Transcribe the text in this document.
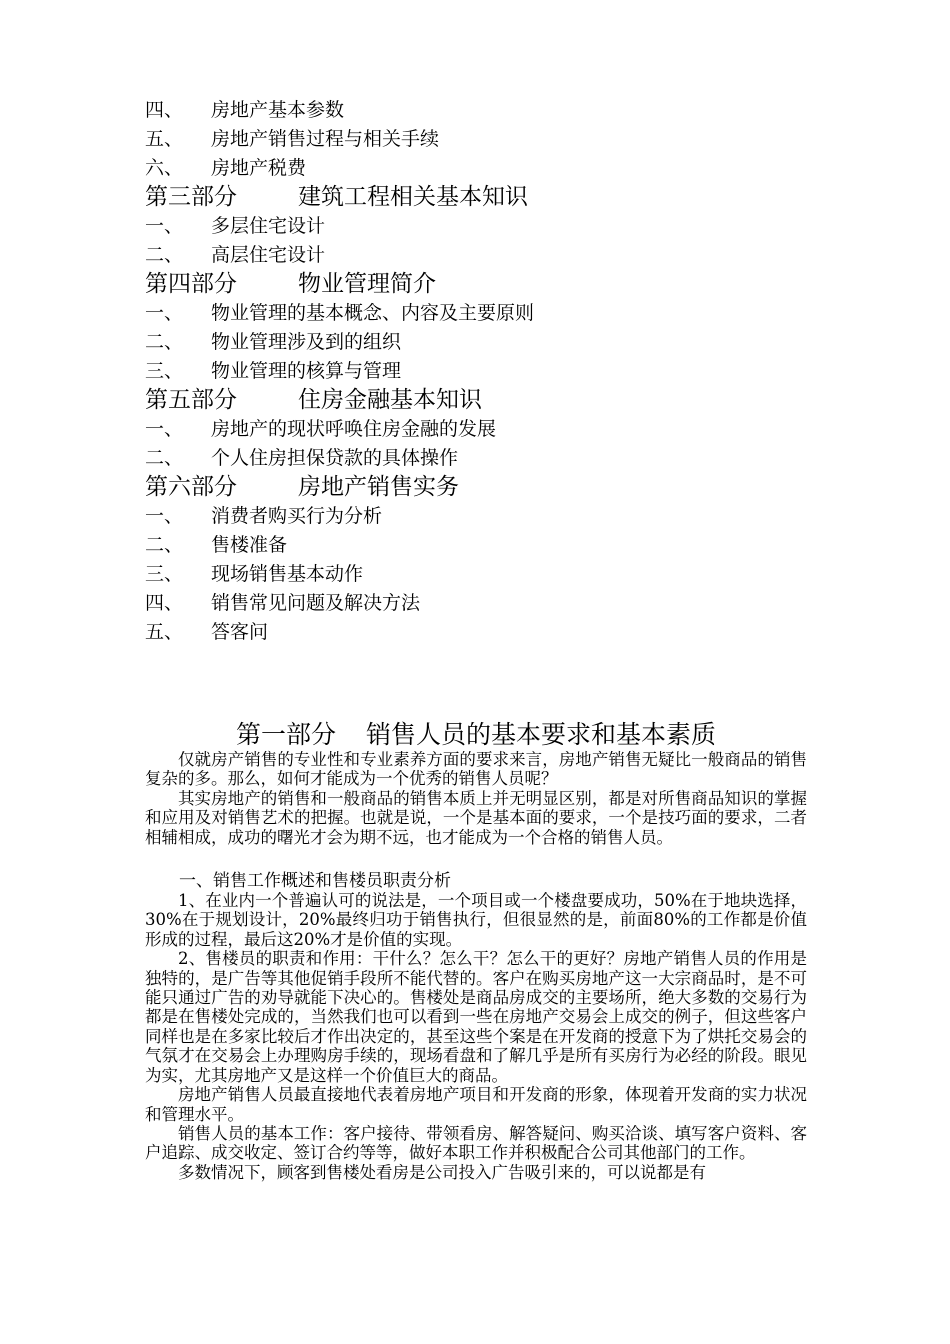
四、 房地产基本参数
五、 房地产销售过程与相关手续
六、 房地产税费
第三部分	建筑工程相关基本知识
一、 多层住宅设计
二、 高层住宅设计
第四部分	物业管理简介
一、 物业管理的基本概念、内容及主要原则
二、 物业管理涉及到的组织
三、 物业管理的核算与管理
第五部分	住房金融基本知识
一、 房地产的现状呼唤住房金融的发展
二、 个人住房担保贷款的具体操作
第六部分	房地产销售实务
一、 消费者购买行为分析
二、 售楼准备
三、 现场销售基本动作
四、 销售常见问题及解决方法
五、 答客问
第一部分 销售人员的基本要求和基本素质

仅就房产销售的专业性和专业素养方面的要求来言，房地产销售无疑比一般商品的销售复杂的多。那么，如何才能成为一个优秀的销售人员呢？

其实房地产的销售和一般商品的销售本质上并无明显区别，都是对所售商品知识的掌握和应用及对销售艺术的把握。也就是说，一个是基本面的要求，一个是技巧面的要求，二者相辅相成，成功的曙光才会为期不远，也才能成为一个合格的销售人员。

一、销售工作概述和售楼员职责分析

1、在业内一个普遍认可的说法是，一个项目或一个楼盘要成功，50%在于地块选择，30%在于规划设计，20%最终归功于销售执行，但很显然的是，前面80%的工作都是价值形成的过程，最后这20%才是价值的实现。

2、售楼员的职责和作用：干什么？怎么干？怎么干的更好？房地产销售人员的作用是独特的，是广告等其他促销手段所不能代替的。客户在购买房地产这一大宗商品时，是不可能只通过广告的劝导就能下决心的。售楼处是商品房成交的主要场所，绝大多数的交易行为都是在售楼处完成的，当然我们也可以看到一些在房地产交易会上成交的例子，但这些客户同样也是在多家比较后才作出决定的，甚至这些个案是在开发商的授意下为了烘托交易会的气氛才在交易会上办理购房手续的，现场看盘和了解几乎是所有买房行为必经的阶段。眼见为实，尤其房地产又是这样一个价值巨大的商品。

房地产销售人员最直接地代表着房地产项目和开发商的形象，体现着开发商的实力状况和管理水平。

销售人员的基本工作：客户接待、带领看房、解答疑问、购买洽谈、填写客户资料、客户追踪、成交收定、签订合约等等，做好本职工作并积极配合公司其他部门的工作。

多数情况下，顾客到售楼处看房是公司投入广告吸引来的，可以说都是有
